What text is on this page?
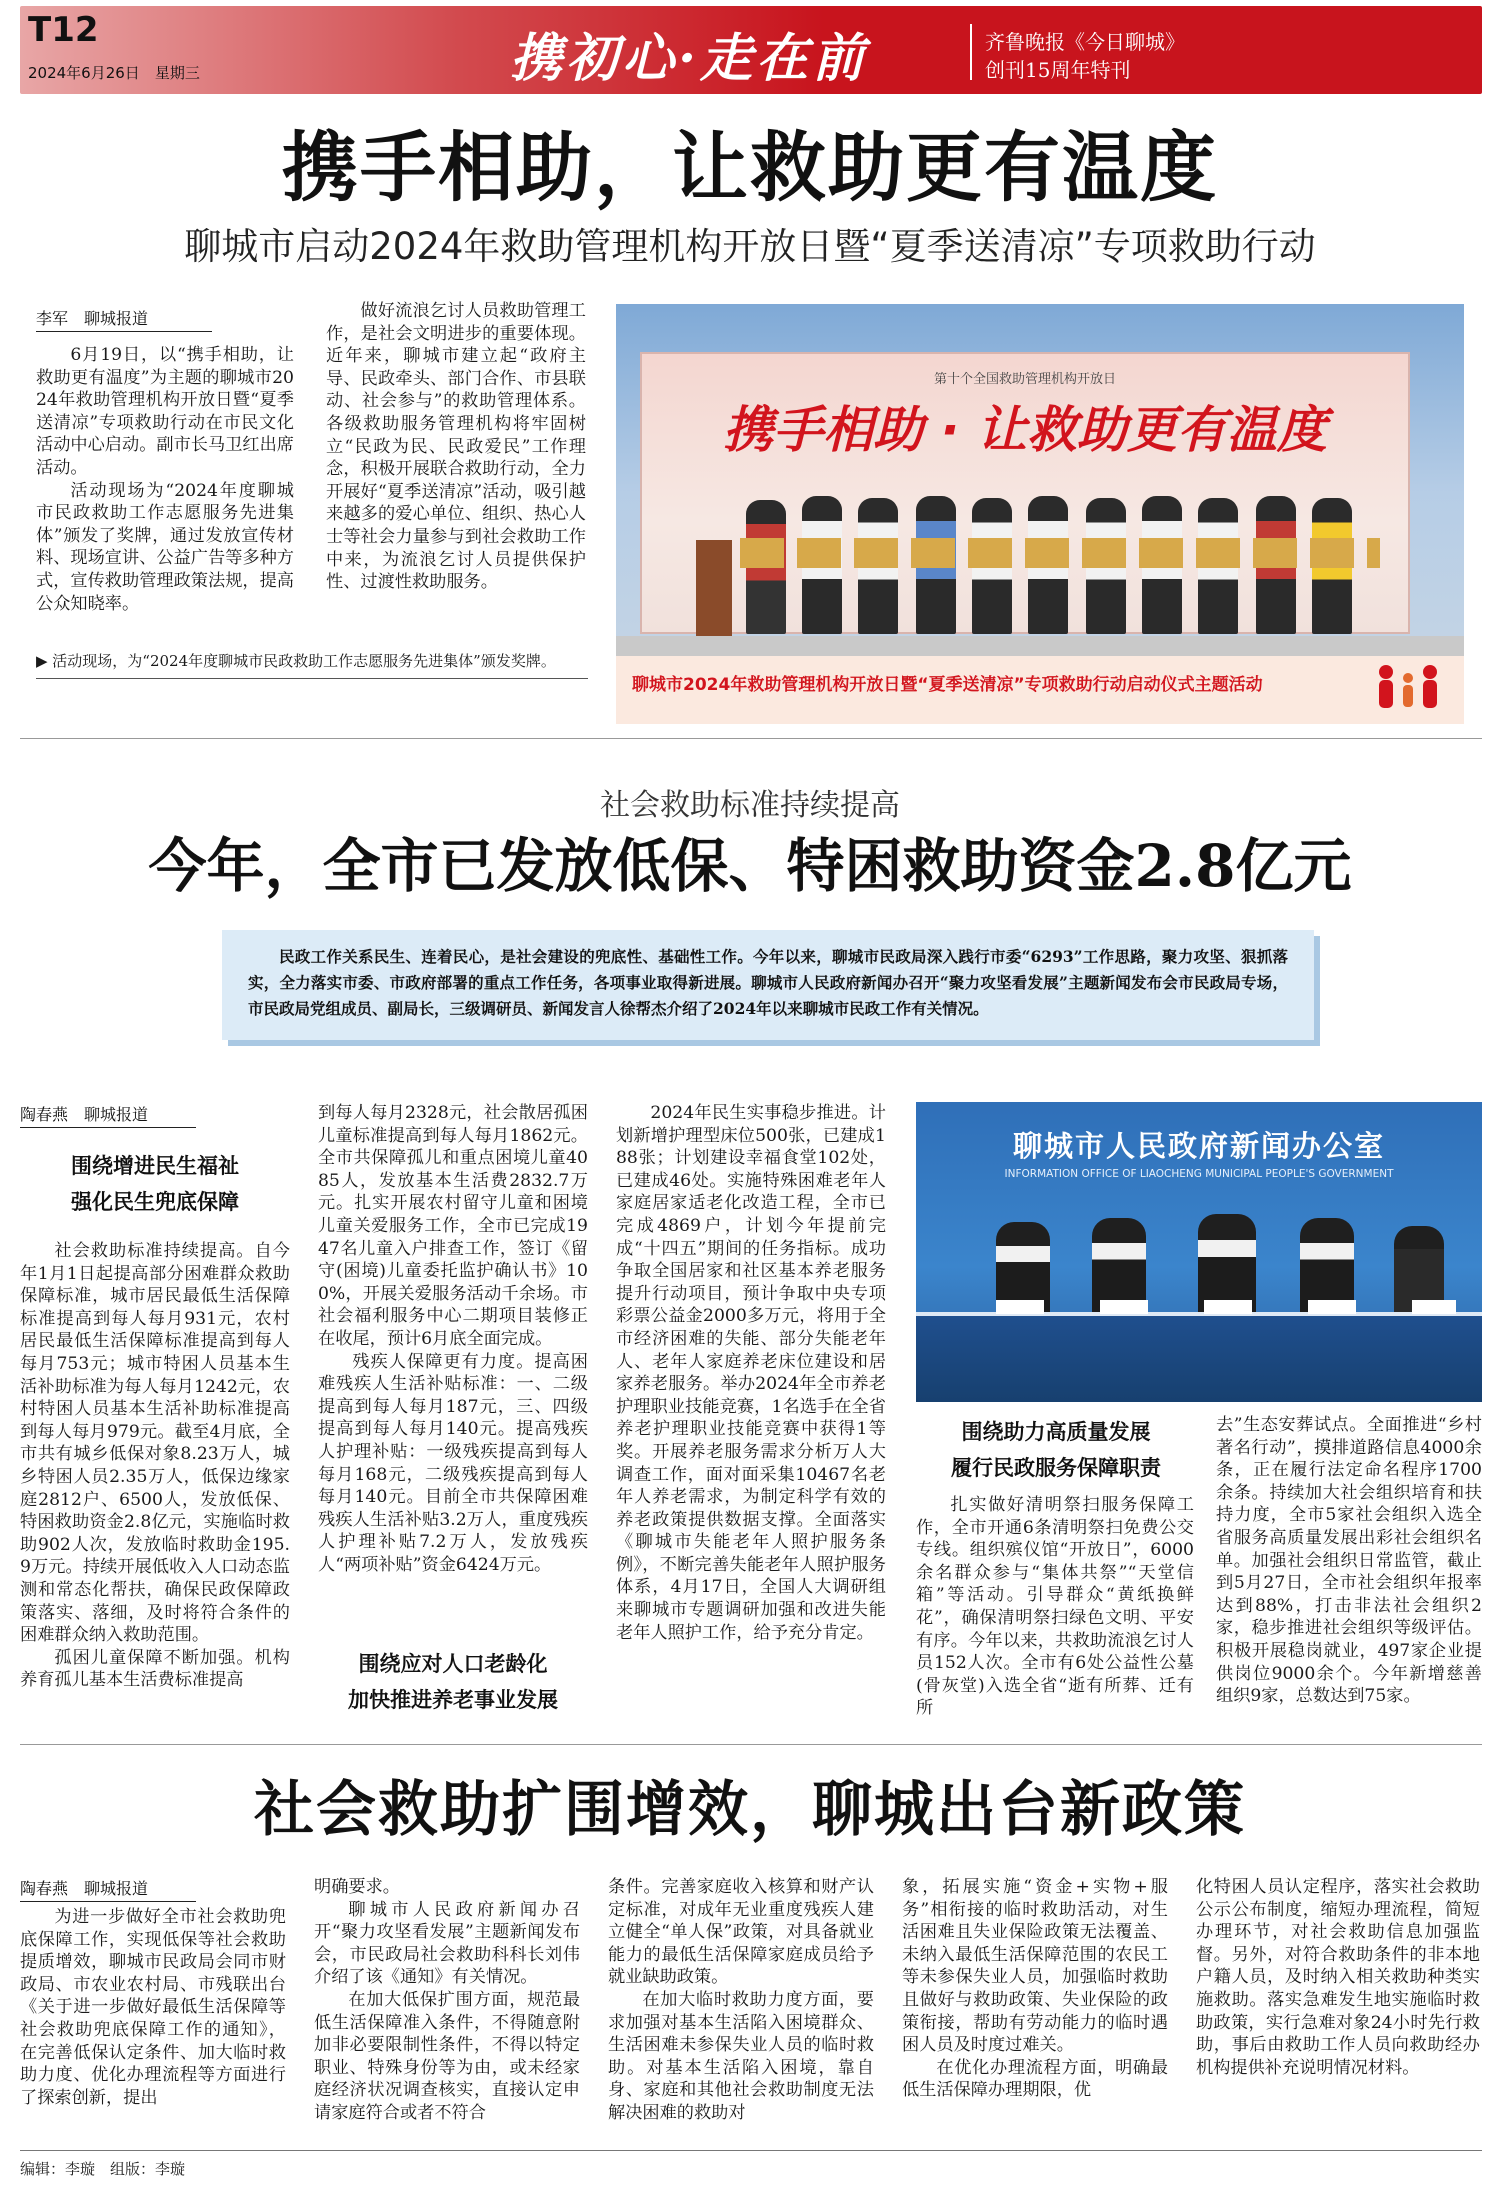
T12
2024年6月26日　 星期三	携初心·走在前	齐鲁晚报《今日聊城》
创刊15周年特刊
携手相助，让救助更有温度
聊城市启动2024年救助管理机构开放日暨“夏季送清凉”专项救助行动
李军　聊城报道

6月19日，以“携手相助，让救助更有温度”为主题的聊城市2024年救助管理机构开放日暨“夏季送清凉”专项救助行动在市民文化活动中心启动。副市长马卫红出席活动。

活动现场为“2024年度聊城市民政救助工作志愿服务先进集体”颁发了奖牌，通过发放宣传材料、现场宣讲、公益广告等多种方式，宣传救助管理政策法规，提高公众知晓率。

做好流浪乞讨人员救助管理工作，是社会文明进步的重要体现。近年来，聊城市建立起“政府主导、民政牵头、部门合作、市县联动、社会参与”的救助管理体系。各级救助服务管理机构将牢固树立“民政为民、民政爱民”工作理念，积极开展联合救助行动，全力开展好“夏季送清凉”活动，吸引越来越多的爱心单位、组织、热心人士等社会力量参与到社会救助工作中来，为流浪乞讨人员提供保护性、过渡性救助服务。

▶ 活动现场，为“2024年度聊城市民政救助工作志愿服务先进集体”颁发奖牌。
第十个全国救助管理机构开放日
携手相助 · 让救助更有温度
聊城市2024年救助管理机构开放日暨“夏季送清凉”专项救助行动启动仪式主题活动
社会救助标准持续提高
今年，全市已发放低保、特困救助资金2.8亿元
民政工作关系民生、连着民心，是社会建设的兜底性、基础性工作。今年以来，聊城市民政局深入践行市委“6293”工作思路，聚力攻坚、狠抓落实，全力落实市委、市政府部署的重点工作任务，各项事业取得新进展。聊城市人民政府新闻办召开“聚力攻坚看发展”主题新闻发布会市民政局专场，市民政局党组成员、副局长，三级调研员、新闻发言人徐帮杰介绍了2024年以来聊城市民政工作有关情况。
陶春燕　聊城报道
围绕增进民生福祉
强化民生兜底保障

社会救助标准持续提高。自今年1月1日起提高部分困难群众救助保障标准，城市居民最低生活保障标准提高到每人每月931元，农村居民最低生活保障标准提高到每人每月753元；城市特困人员基本生活补助标准为每人每月1242元，农村特困人员基本生活补助标准提高到每人每月979元。截至4月底，全市共有城乡低保对象8.23万人，城乡特困人员2.35万人，低保边缘家庭2812户、6500人，发放低保、特困救助资金2.8亿元，实施临时救助902人次，发放临时救助金195.9万元。持续开展低收入人口动态监测和常态化帮扶，确保民政保障政策落实、落细，及时将符合条件的困难群众纳入救助范围。

孤困儿童保障不断加强。机构养育孤儿基本生活费标准提高

到每人每月2328元，社会散居孤困儿童标准提高到每人每月1862元。全市共保障孤儿和重点困境儿童4085人，发放基本生活费2832.7万元。扎实开展农村留守儿童和困境儿童关爱服务工作，全市已完成1947名儿童入户排查工作，签订《留守(困境)儿童委托监护确认书》100%，开展关爱服务活动千余场。市社会福利服务中心二期项目装修正在收尾，预计6月底全面完成。

残疾人保障更有力度。提高困难残疾人生活补贴标准：一、二级提高到每人每月187元，三、四级提高到每人每月140元。提高残疾人护理补贴：一级残疾提高到每人每月168元，二级残疾提高到每人每月140元。目前全市共保障困难残疾人生活补贴3.2万人，重度残疾人护理补贴7.2万人，发放残疾人“两项补贴”资金6424万元。

围绕应对人口老龄化
加快推进养老事业发展

2024年民生实事稳步推进。计划新增护理型床位500张，已建成188张；计划建设幸福食堂102处，已建成46处。实施特殊困难老年人家庭居家适老化改造工程，全市已完成4869户，计划今年提前完成“十四五”期间的任务指标。成功争取全国居家和社区基本养老服务提升行动项目，预计争取中央专项彩票公益金2000多万元，将用于全市经济困难的失能、部分失能老年人、老年人家庭养老床位建设和居家养老服务。举办2024年全市养老护理职业技能竞赛，1名选手在全省养老护理职业技能竞赛中获得1等奖。开展养老服务需求分析万人大调查工作，面对面采集10467名老年人养老需求，为制定科学有效的养老政策提供数据支撑。全面落实《聊城市失能老年人照护服务条例》，不断完善失能老年人照护服务体系，4月17日，全国人大调研组来聊城市专题调研加强和改进失能老年人照护工作，给予充分肯定。

聊城市人民政府新闻办公室
INFORMATION OFFICE OF LIAOCHENG MUNICIPAL PEOPLE'S GOVERNMENT
围绕助力高质量发展
履行民政服务保障职责

扎实做好清明祭扫服务保障工作，全市开通6条清明祭扫免费公交专线。组织殡仪馆“开放日”，6000余名群众参与“集体共祭”“天堂信箱”等活动。引导群众“黄纸换鲜花”，确保清明祭扫绿色文明、平安有序。今年以来，共救助流浪乞讨人员152人次。全市有6处公益性公墓(骨灰堂)入选全省“逝有所葬、迁有所

去”生态安葬试点。全面推进“乡村著名行动”，摸排道路信息4000余条，正在履行法定命名程序1700余条。持续加大社会组织培育和扶持力度，全市5家社会组织入选全省服务高质量发展出彩社会组织名单。加强社会组织日常监管，截止到5月27日，全市社会组织年报率达到88%，打击非法社会组织2家，稳步推进社会组织等级评估。积极开展稳岗就业，497家企业提供岗位9000余个。今年新增慈善组织9家，总数达到75家。

社会救助扩围增效，聊城出台新政策
陶春燕　聊城报道

为进一步做好全市社会救助兜底保障工作，实现低保等社会救助提质增效，聊城市民政局会同市财政局、市农业农村局、市残联出台《关于进一步做好最低生活保障等社会救助兜底保障工作的通知》，在完善低保认定条件、加大临时救助力度、优化办理流程等方面进行了探索创新，提出

明确要求。

聊城市人民政府新闻办召开“聚力攻坚看发展”主题新闻发布会，市民政局社会救助科科长刘伟介绍了该《通知》有关情况。

在加大低保扩围方面，规范最低生活保障准入条件，不得随意附加非必要限制性条件，不得以特定职业、特殊身份等为由，或未经家庭经济状况调查核实，直接认定申请家庭符合或者不符合

条件。完善家庭收入核算和财产认定标准，对成年无业重度残疾人建立健全“单人保”政策，对具备就业能力的最低生活保障家庭成员给予就业缺助政策。

在加大临时救助力度方面，要求加强对基本生活陷入困境群众、生活困难未参保失业人员的临时救助。对基本生活陷入困境，靠自身、家庭和其他社会救助制度无法解决困难的救助对

象，拓展实施“资金+实物+服务”相衔接的临时救助活动，对生活困难且失业保险政策无法覆盖、未纳入最低生活保障范围的农民工等未参保失业人员，加强临时救助且做好与救助政策、失业保险的政策衔接，帮助有劳动能力的临时遇困人员及时度过难关。

在优化办理流程方面，明确最低生活保障办理期限，优

化特困人员认定程序，落实社会救助公示公布制度，缩短办理流程，简短办理环节，对社会救助信息加强监督。另外，对符合救助条件的非本地户籍人员，及时纳入相关救助种类实施救助。落实急难发生地实施临时救助政策，实行急难对象24小时先行救助，事后由救助工作人员向救助经办机构提供补充说明情况材料。

编辑：李璇　 组版：李璇
